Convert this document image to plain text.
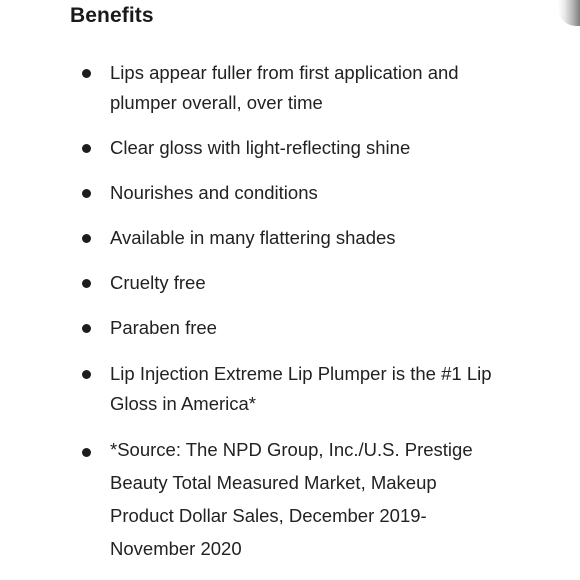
Benefits
Lips appear fuller from first application and
plumper overall, over time
Clear gloss with light-reflecting shine
Nourishes and conditions
Available in many flattering shades
Cruelty free
Paraben free
Lip Injection Extreme Lip Plumper is the #1 Lip
Gloss in America*
*Source: The NPD Group, Inc./U.S. Prestige
Beauty Total Measured Market, Makeup
Product Dollar Sales, December 2019-
November 2020
